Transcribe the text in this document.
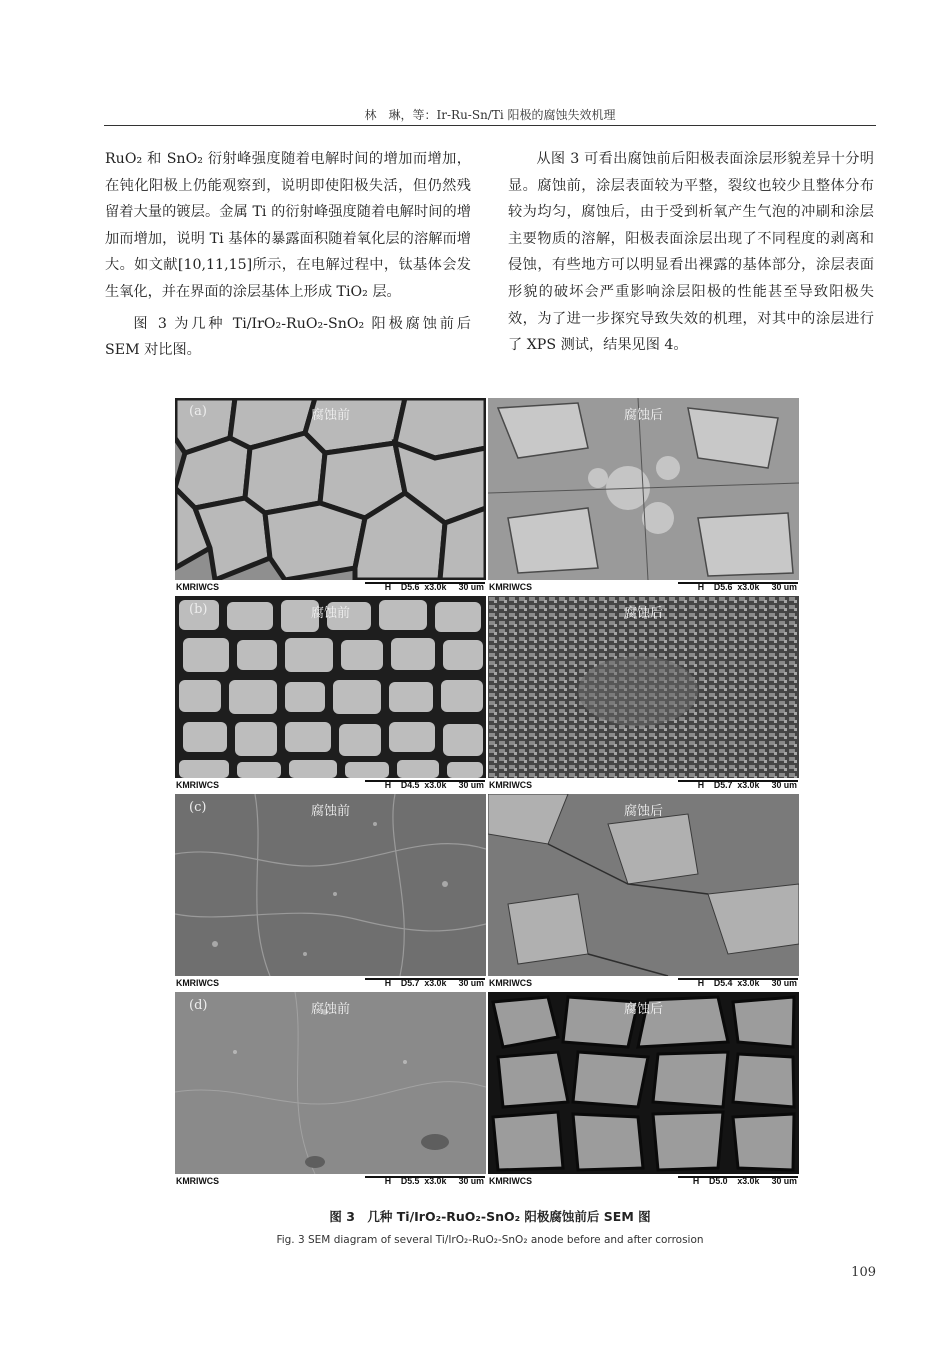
林　琳，等：Ir-Ru-Sn/Ti 阳极的腐蚀失效机理

RuO₂ 和 SnO₂ 衍射峰强度随着电解时间的增加而增加，在钝化阳极上仍能观察到，说明即使阳极失活，但仍然残留着大量的镀层。金属 Ti 的衍射峰强度随着电解时间的增加而增加，说明 Ti 基体的暴露面积随着氧化层的溶解而增大。如文献[10,11,15]所示，在电解过程中，钛基体会发生氧化，并在界面的涂层基体上形成 TiO₂ 层。

图 3 为几种 Ti/IrO₂-RuO₂-SnO₂ 阳极腐蚀前后 SEM 对比图。

从图 3 可看出腐蚀前后阳极表面涂层形貌差异十分明显。腐蚀前，涂层表面较为平整，裂纹也较少且整体分布较为均匀，腐蚀后，由于受到析氧产生气泡的冲刷和涂层主要物质的溶解，阳极表面涂层出现了不同程度的剥离和侵蚀，有些地方可以明显看出裸露的基体部分，涂层表面形貌的破坏会严重影响涂层阳极的性能甚至导致阳极失效，为了进一步探究导致失效的机理，对其中的涂层进行了 XPS 测试，结果见图 4。

(a)	腐蚀前
KMRIWCS	H    D5.6  x3.0k     30 um
腐蚀后
KMRIWCS	H    D5.6  x3.0k     30 um
(b)	腐蚀前
KMRIWCS	H    D4.5  x3.0k     30 um
腐蚀后
KMRIWCS	H    D5.7  x3.0k     30 um
(c)	腐蚀前
KMRIWCS	H    D5.7  x3.0k     30 um
腐蚀后
KMRIWCS	H    D5.4  x3.0k     30 um
(d)	腐蚀前
KMRIWCS	H    D5.5  x3.0k     30 um
腐蚀后
KMRIWCS	H    D5.0    x3.0k     30 um
图 3　几种 Ti/IrO₂-RuO₂-SnO₂ 阳极腐蚀前后 SEM 图
Fig. 3 SEM diagram of several Ti/IrO₂-RuO₂-SnO₂ anode before and after corrosion
109
